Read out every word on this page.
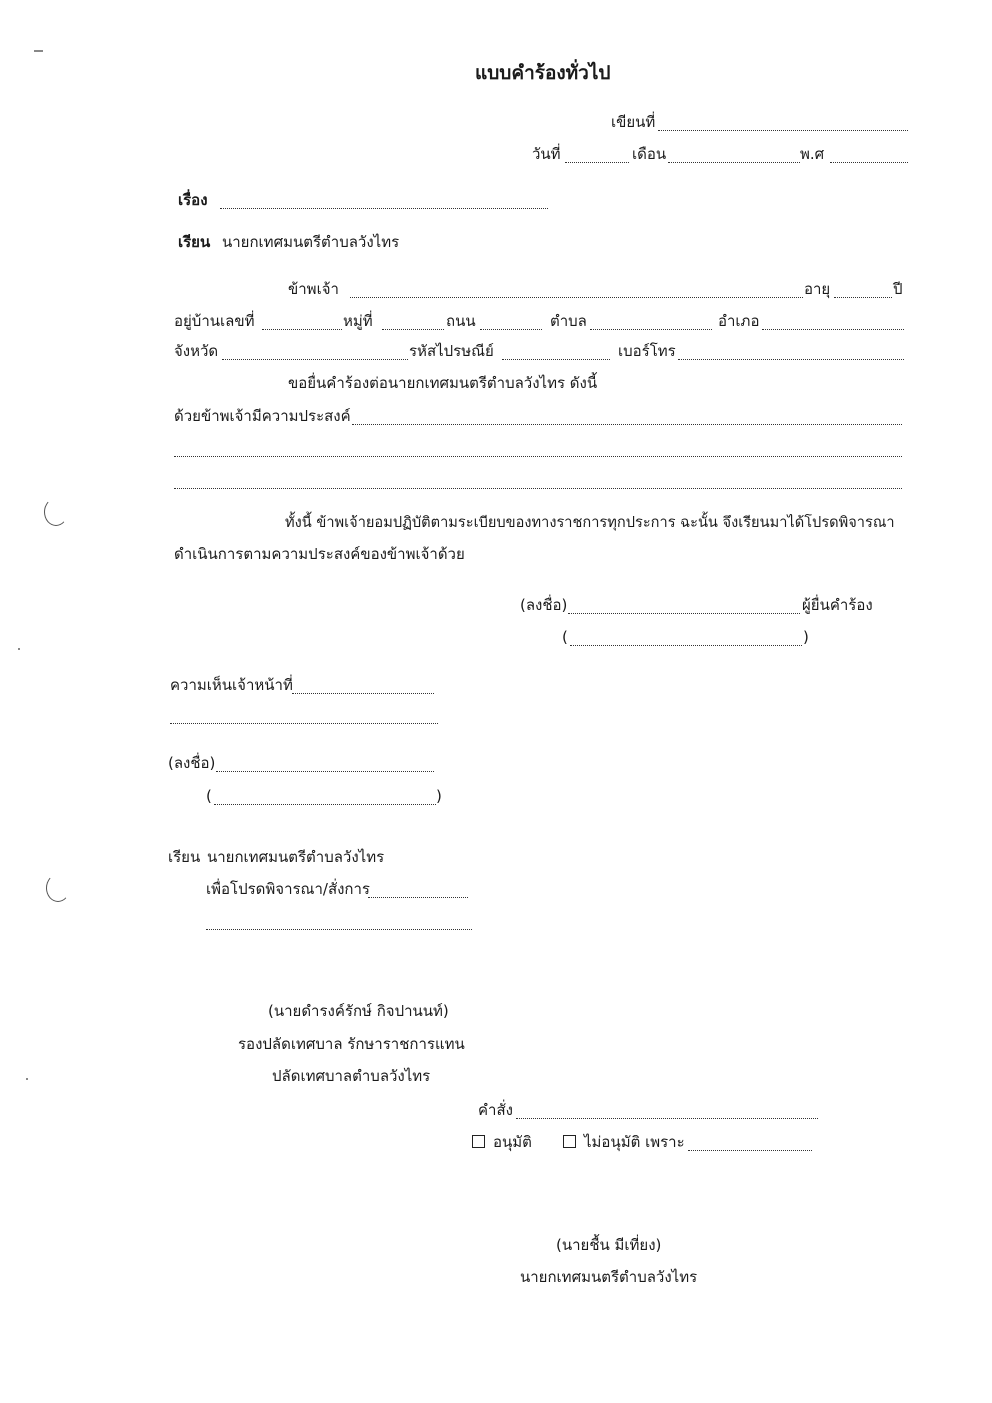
แบบคำร้องทั่วไป
เขียนที่
วันที่	เดือน	พ.ศ
เรื่อง
เรียน นายกเทศมนตรีตำบลวังไทร
ข้าพเจ้า	อายุ	ปี
อยู่บ้านเลขที่	หมู่ที่	ถนน	ตำบล	อำเภอ
จังหวัด	รหัสไปรษณีย์	เบอร์โทร
ขอยื่นคำร้องต่อนายกเทศมนตรีตำบลวังไทร ดังนี้
ด้วยข้าพเจ้ามีความประสงค์
ทั้งนี้ ข้าพเจ้ายอมปฏิบัติตามระเบียบของทางราชการทุกประการ ฉะนั้น จึงเรียนมาได้โปรดพิจารณา
ดำเนินการตามความประสงค์ของข้าพเจ้าด้วย
(ลงชื่อ)	ผู้ยื่นคำร้อง
(	)
ความเห็นเจ้าหน้าที่
(ลงชื่อ)
(	)
เรียน นายกเทศมนตรีตำบลวังไทร
เพื่อโปรดพิจารณา/สั่งการ
(นายดำรงค์รักษ์ กิจปานนท์)
รองปลัดเทศบาล รักษาราชการแทน
ปลัดเทศบาลตำบลวังไทร
คำสั่ง
อนุมัติ	ไม่อนุมัติ เพราะ
(นายชื้น มีเที่ยง)
นายกเทศมนตรีตำบลวังไทร
